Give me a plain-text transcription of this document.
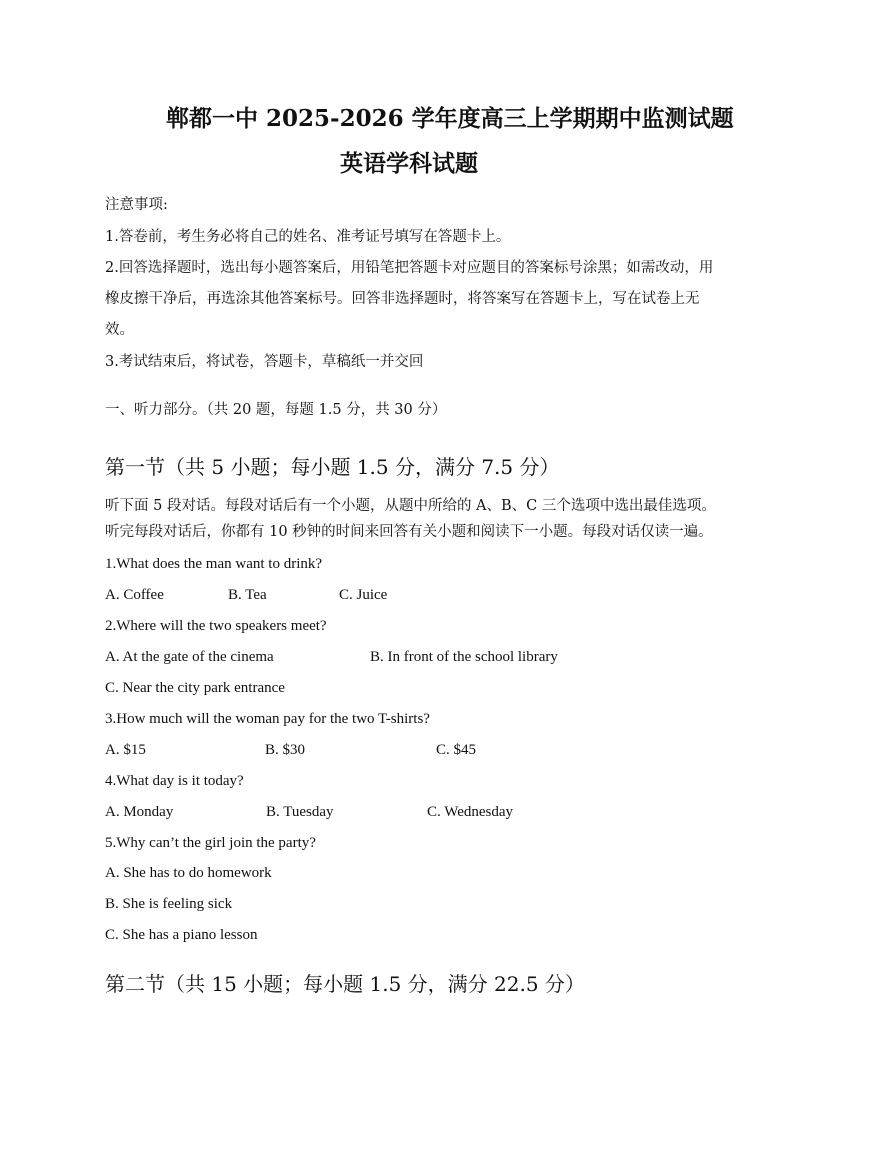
郸都一中 2025-2026 学年度高三上学期期中监测试题
英语学科试题
注意事项:
1.答卷前，考生务必将自己的姓名、准考证号填写在答题卡上。
2.回答选择题时，选出每小题答案后，用铅笔把答题卡对应题目的答案标号涂黑；如需改动，用
橡皮擦干净后，再选涂其他答案标号。回答非选择题时，将答案写在答题卡上，写在试卷上无
效。
3.考试结束后，将试卷，答题卡，草稿纸一并交回
一、听力部分。（共 20 题，每题 1.5 分，共 30 分）
第一节（共 5 小题；每小题 1.5 分，满分 7.5 分）
听下面 5 段对话。每段对话后有一个小题，从题中所给的 A、B、C 三个选项中选出最佳选项。
听完每段对话后，你都有 10 秒钟的时间来回答有关小题和阅读下一小题。每段对话仅读一遍。
1.What does the man want to drink?
A. Coffee	B. Tea	C. Juice
2.Where will the two speakers meet?
A. At the gate of the cinema	B. In front of the school library
C. Near the city park entrance
3.How much will the woman pay for the two T-shirts?
A. $15	B. $30	C. $45
4.What day is it today?
A. Monday	B. Tuesday	C. Wednesday
5.Why can’t the girl join the party?
A. She has to do homework
B. She is feeling sick
C. She has a piano lesson
第二节（共 15 小题；每小题 1.5 分，满分 22.5 分）
